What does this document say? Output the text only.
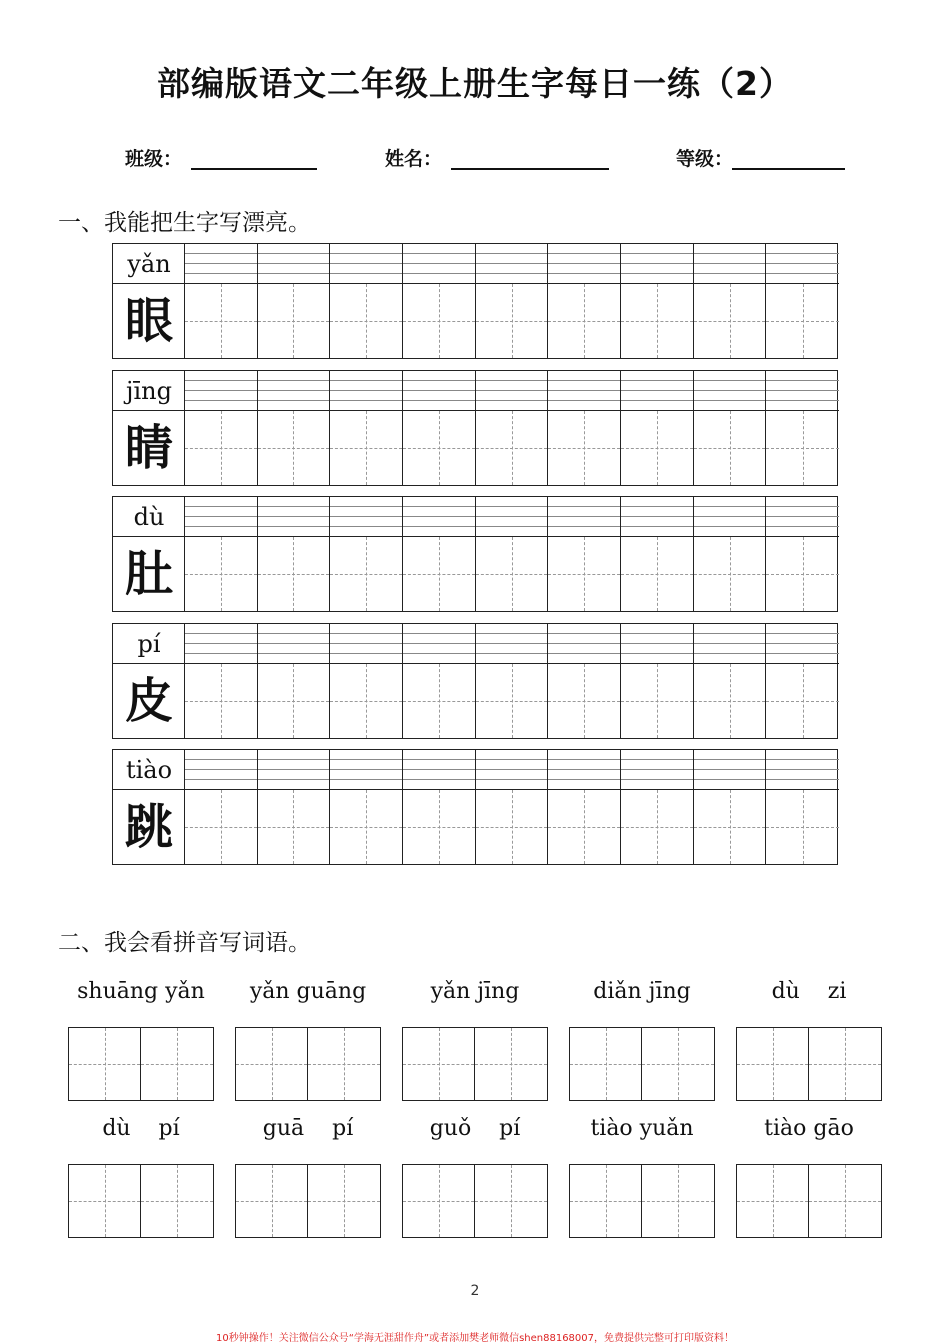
部编版语文二年级上册生字每日一练（2）
班级：	姓名：	等级：
一、我能把生字写漂亮。
yǎn
眼
jīng
睛
dù
肚
pí
皮
tiào
跳
二、我会看拼音写词语。
shuāng yǎn	yǎn guāng	yǎn jīng	diǎn jīng	dù    zi
dù    pí	guā    pí	guǒ    pí	tiào yuǎn	tiào gāo
2
10秒钟操作！关注微信公众号“学海无涯甜作舟”或者添加樊老师微信shen88168007，免费提供完整可打印版资料！
